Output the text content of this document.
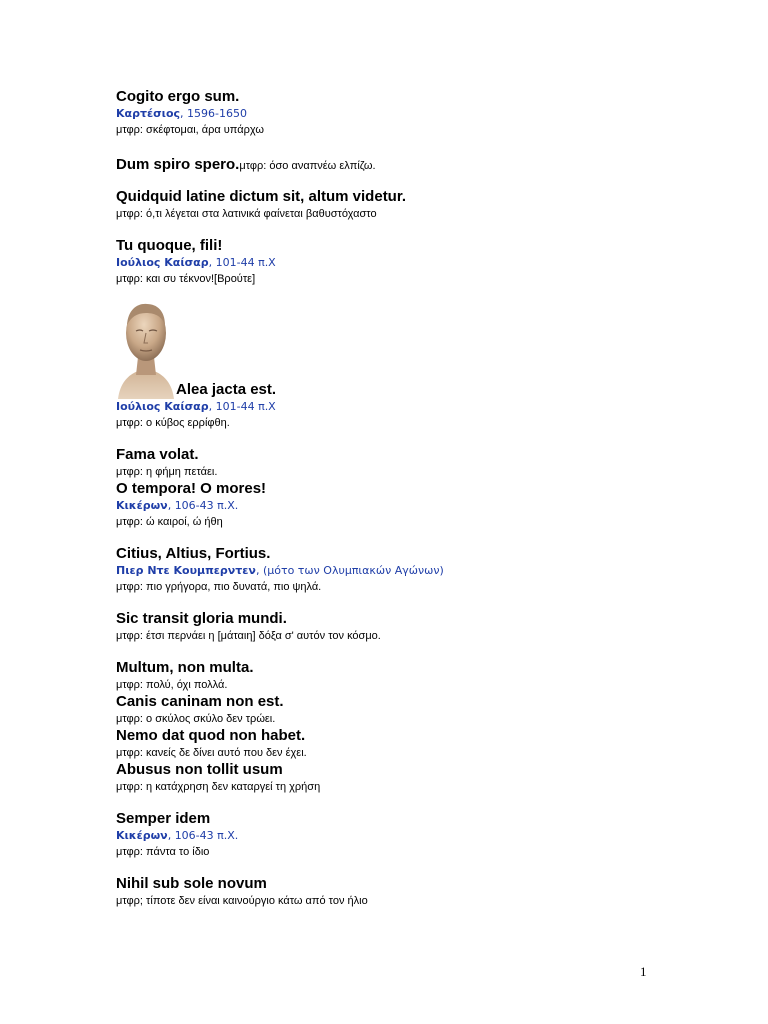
Cogito ergo sum.
Καρτέσιος, 1596-1650
μτφρ: σκέφτομαι, άρα υπάρχω
Dum spiro spero.μτφρ: όσο αναπνέω ελπίζω.
Quidquid latine dictum sit, altum videtur.
μτφρ: ό,τι λέγεται στα λατινικά φαίνεται βαθυστόχαστο
Tu quoque, fili!
Ιούλιος Καίσαρ, 101-44 π.Χ
μτφρ: και συ τέκνον![Βρούτε]
Alea jacta est.
Ιούλιος Καίσαρ, 101-44 π.Χ
μτφρ: ο κύβος ερρίφθη.
Fama volat.
μτφρ: η φήμη πετάει.
O tempora! O mores!
Κικέρων, 106-43 π.Χ.
μτφρ: ώ καιροί, ώ ήθη
Citius, Altius, Fortius.
Πιερ Ντε Κουμπερντεν, (μότο των Ολυμπιακών Αγώνων)
μτφρ: πιο γρήγορα, πιο δυνατά, πιο ψηλά.
Sic transit gloria mundi.
μτφρ: έτσι περνάει η [μάταιη] δόξα σ' αυτόν τον κόσμο.
Multum, non multa.
μτφρ: πολύ, όχι πολλά.
Canis caninam non est.
μτφρ: ο σκύλος σκύλο δεν τρώει.
Nemo dat quod non habet.
μτφρ: κανείς δε δίνει αυτό που δεν έχει.
Abusus non tollit usum
μτφρ: η κατάχρηση δεν καταργεί τη χρήση
Semper idem
Κικέρων, 106-43 π.Χ.
μτφρ: πάντα το ίδιο
Nihil sub sole novum
μτφρ; τίποτε δεν είναι καινούργιο κάτω από τον ήλιο
1
